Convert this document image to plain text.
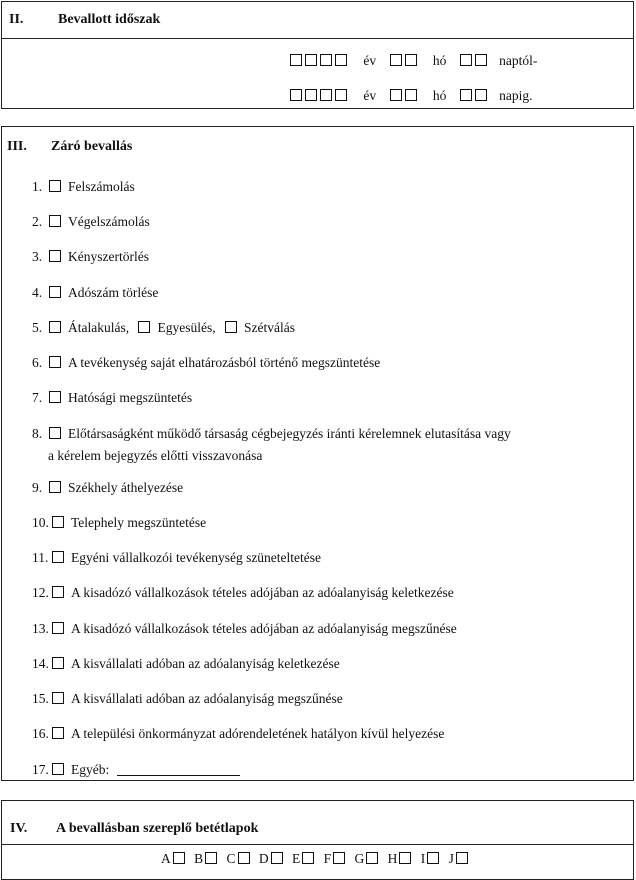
II. Bevallott időszak
év	hó	naptól-
év	hó	napig.
III. Záró bevallás
1. Felszámolás
2. Végelszámolás
3. Kényszertörlés
4. Adószám törlése
5. Átalakulás, Egyesülés, Szétválás
6. A tevékenység saját elhatározásból történő megszüntetése
7. Hatósági megszüntetés
8. Előtársaságként működő társaság cégbejegyzés iránti kérelemnek elutasítása vagy
a kérelem bejegyzés előtti visszavonása
9. Székhely áthelyezése
10. Telephely megszüntetése
11. Egyéni vállalkozói tevékenység szüneteltetése
12. A kisadózó vállalkozások tételes adójában az adóalanyiság keletkezése
13. A kisadózó vállalkozások tételes adójában az adóalanyiság megszűnése
14. A kisvállalati adóban az adóalanyiság keletkezése
15. A kisvállalati adóban az adóalanyiság megszűnése
16. A települési önkormányzat adórendeletének hatályon kívül helyezése
17. Egyéb:
IV. A bevallásban szereplő betétlapok
A B C D E F G H I J
